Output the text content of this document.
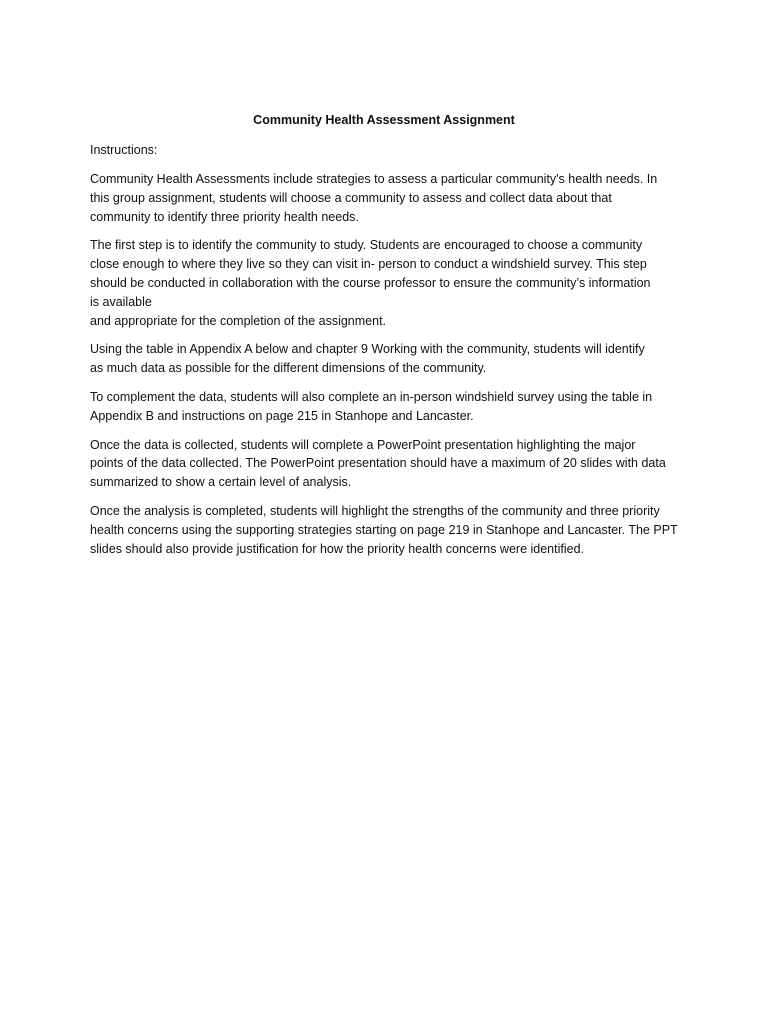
Community Health Assessment Assignment
Instructions:
Community Health Assessments include strategies to assess a particular community's health needs. In
this group assignment, students will choose a community to assess and collect data about that
community to identify three priority health needs.
The first step is to identify the community to study. Students are encouraged to choose a community
close enough to where they live so they can visit in- person to conduct a windshield survey. This step
should be conducted in collaboration with the course professor to ensure the community’s information
is available
and appropriate for the completion of the assignment.
Using the table in Appendix A below and chapter 9 Working with the community, students will identify
as much data as possible for the different dimensions of the community.
To complement the data, students will also complete an in-person windshield survey using the table in
Appendix B and instructions on page 215 in Stanhope and Lancaster.
Once the data is collected, students will complete a PowerPoint presentation highlighting the major
points of the data collected. The PowerPoint presentation should have a maximum of 20 slides with data
summarized to show a certain level of analysis.
Once the analysis is completed, students will highlight the strengths of the community and three priority
health concerns using the supporting strategies starting on page 219 in Stanhope and Lancaster. The PPT
slides should also provide justification for how the priority health concerns were identified.
